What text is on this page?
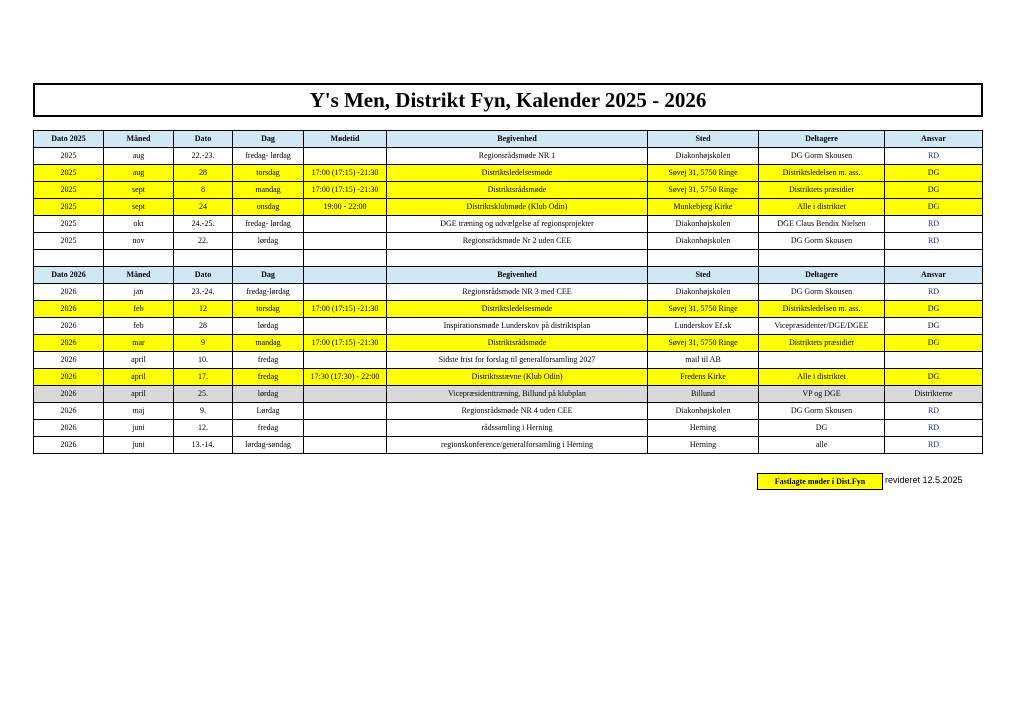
Y's Men, Distrikt Fyn, Kalender 2025 - 2026
Dato 2025	Måned	Dato	Dag	Mødetid	Begivenhed	Sted	Deltagere	Ansvar
2025	aug	22.-23.	fredag- lørdag		Regionsrådsmøde NR 1	Diakonhøjskolen	DG Gorm Skousen	RD
2025	aug	28	torsdag	17:00 (17:15) -21:30	Distriktsledelsesmøde	Søvej 31, 5750 Ringe	Distriktsledelsen m. ass.	DG
2025	sept	8	mandag	17:00 (17:15) -21:30	Distriktsrådsmøde	Søvej 31, 5750 Ringe	Distriktets præsidier	DG
2025	sept	24	onsdag	19:00 - 22:00	Distriktsklubmøde (Klub Odin)	Munkebjerg Kirke	Alle i distriktet	DG
2025	okt	24.-25.	fredag- lørdag		DGE træning og udvælgelse af regionsprojekter	Diakonhøjskolen	DGE Claus Bendix Nielsen	RD
2025	nov	22.	lørdag		Regionsrådsmøde Nr 2 uden CEE	Diakonhøjskolen	DG Gorm Skousen	RD

Dato 2026	Måned	Dato	Dag		Begivenhed	Sted	Deltagere	Ansvar
2026	jan	23.-24.	fredag-lørdag		Regionsrådsmøde NR 3 med CEE	Diakonhøjskolen	DG Gorm Skousen	RD
2026	feb	12	torsdag	17:00 (17:15) -21:30	Distriktsledelsesmøde	Søvej 31, 5750 Ringe	Distriktsledelsen m. ass.	DG
2026	feb	28	lørdag		Inspirationsmøde Lunderskov på distriktsplan	Lunderskov Ef.sk	Vicepræsidenter/DGE/DGEE	DG
2026	mar	9	mandag	17:00 (17:15) -21:30	Distriktsrådsmøde	Søvej 31, 5750 Ringe	Distriktets præsidier	DG
2026	april	10.	fredag		Sidste frist for forslag til generalforsamling 2027	mail til AB		
2026	april	17.	fredag	17:30 (17:30) - 22:00	Distriktsstævne (Klub Odin)	Fredens Kirke	Alle i distriktet	DG
2026	april	25.	lørdag		Vicepræsidenttræning, Billund på klubplan	Billund	VP og DGE	Distrikterne
2026	maj	9.	Lørdag		Regionsrådsmøde NR 4 uden CEE	Diakonhøjskolen	DG Gorm Skousen	RD
2026	juni	12.	fredag		rådssamling i Herning	Herning	DG	RD
2026	juni	13.-14.	lørdag-søndag		regionskonference/generalforsamling i Herning	Herning	alle	RD
Fastlagte møder i Dist.Fyn	revideret 12.5.2025
